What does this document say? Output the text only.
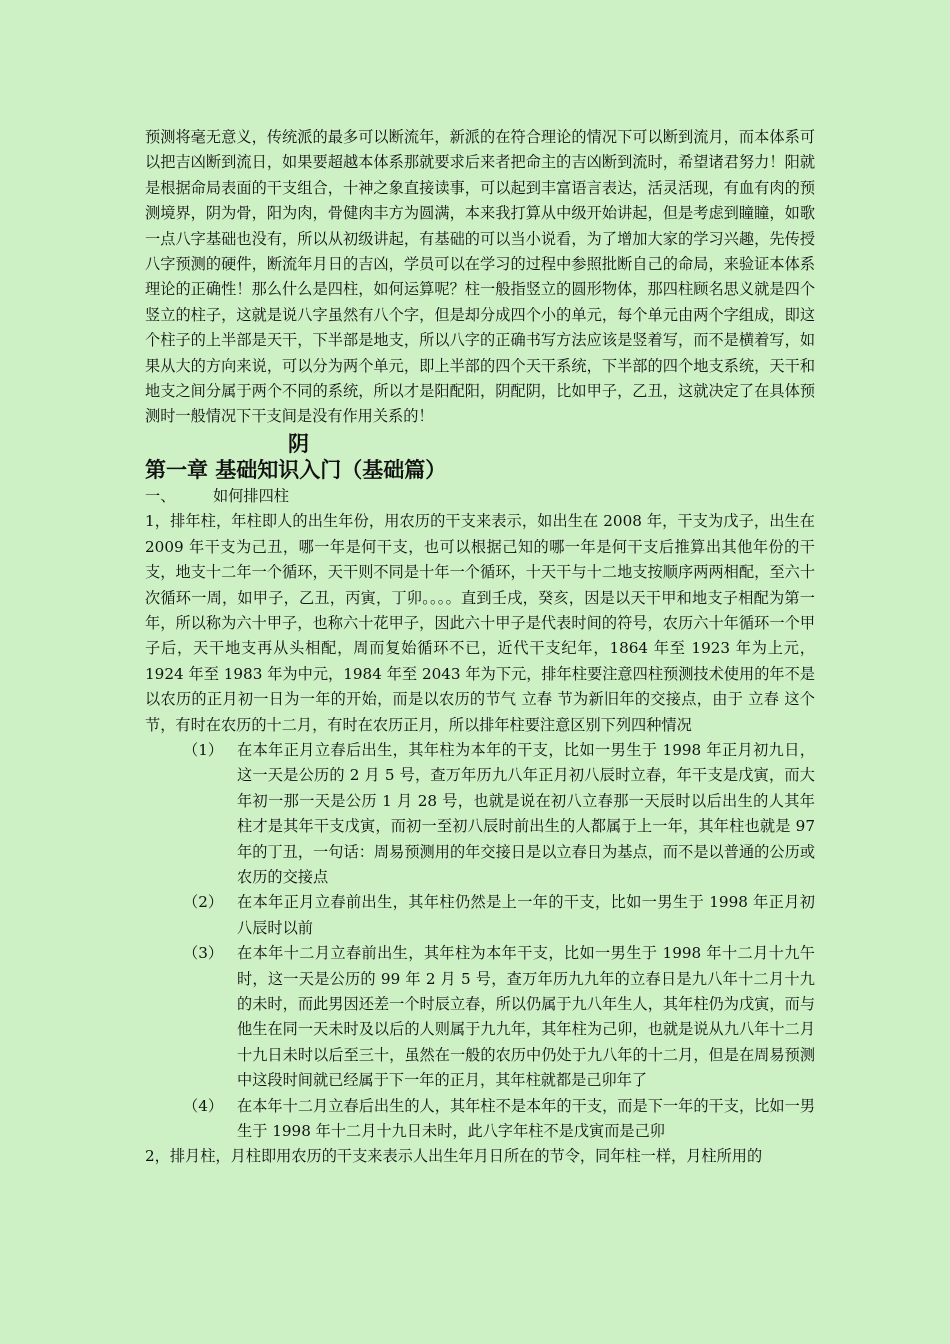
预测将毫无意义，传统派的最多可以断流年，新派的在符合理论的情况下可以断到流月，而本体系可以把吉凶断到流日，如果要超越本体系那就要求后来者把命主的吉凶断到流时，希望诸君努力！阳就是根据命局表面的干支组合，十神之象直接读事，可以起到丰富语言表达，活灵活现，有血有肉的预测境界，阴为骨，阳为肉，骨健肉丰方为圆满，本来我打算从中级开始讲起，但是考虑到瞳瞳，如歌一点八字基础也没有，所以从初级讲起，有基础的可以当小说看，为了增加大家的学习兴趣，先传授八字预测的硬件，断流年月日的吉凶，学员可以在学习的过程中参照批断自己的命局，来验证本体系理论的正确性！那么什么是四柱，如何运算呢？柱一般指竖立的圆形物体，那四柱顾名思义就是四个竖立的柱子，这就是说八字虽然有八个字，但是却分成四个小的单元，每个单元由两个字组成，即这个柱子的上半部是天干，下半部是地支，所以八字的正确书写方法应该是竖着写，而不是横着写，如果从大的方向来说，可以分为两个单元，即上半部的四个天干系统，下半部的四个地支系统，天干和地支之间分属于两个不同的系统，所以才是阳配阳，阴配阴，比如甲子，乙丑，这就决定了在具体预测时一般情况下干支间是没有作用关系的！

阴
第一章 基础知识入门（基础篇）

一、 如何排四柱

1，排年柱，年柱即人的出生年份，用农历的干支来表示，如出生在 2008 年，干支为戊子，出生在 2009 年干支为己丑，哪一年是何干支，也可以根据己知的哪一年是何干支后推算出其他年份的干支，地支十二年一个循环，天干则不同是十年一个循环，十天干与十二地支按顺序两两相配，至六十次循环一周，如甲子，乙丑，丙寅，丁卯。。。。直到壬戌，癸亥，因是以天干甲和地支子相配为第一年，所以称为六十甲子，也称六十花甲子，因此六十甲子是代表时间的符号，农历六十年循环一个甲子后，天干地支再从头相配，周而复始循环不已，近代干支纪年，1864 年至 1923 年为上元，1924 年至 1983 年为中元，1984 年至 2043 年为下元，排年柱要注意四柱预测技术使用的年不是以农历的正月初一日为一年的开始，而是以农历的节气 立春 节为新旧年的交接点，由于 立春 这个节，有时在农历的十二月，有时在农历正月，所以排年柱要注意区别下列四种情况

（1） 在本年正月立春后出生，其年柱为本年的干支，比如一男生于 1998 年正月初九日，这一天是公历的 2 月 5 号，查万年历九八年正月初八辰时立春，年干支是戊寅，而大年初一那一天是公历 1 月 28 号，也就是说在初八立春那一天辰时以后出生的人其年柱才是其年干支戊寅，而初一至初八辰时前出生的人都属于上一年，其年柱也就是 97 年的丁丑，一句话：周易预测用的年交接日是以立春日为基点，而不是以普通的公历或农历的交接点
（2） 在本年正月立春前出生，其年柱仍然是上一年的干支，比如一男生于 1998 年正月初八辰时以前
（3） 在本年十二月立春前出生，其年柱为本年干支，比如一男生于 1998 年十二月十九午时，这一天是公历的 99 年 2 月 5 号，查万年历九九年的立春日是九八年十二月十九的未时，而此男因还差一个时辰立春，所以仍属于九八年生人，其年柱仍为戊寅，而与他生在同一天未时及以后的人则属于九九年，其年柱为己卯，也就是说从九八年十二月十九日未时以后至三十，虽然在一般的农历中仍处于九八年的十二月，但是在周易预测中这段时间就已经属于下一年的正月，其年柱就都是己卯年了
（4） 在本年十二月立春后出生的人，其年柱不是本年的干支，而是下一年的干支，比如一男生于 1998 年十二月十九日未时，此八字年柱不是戊寅而是己卯

2，排月柱，月柱即用农历的干支来表示人出生年月日所在的节令，同年柱一样，月柱所用的
